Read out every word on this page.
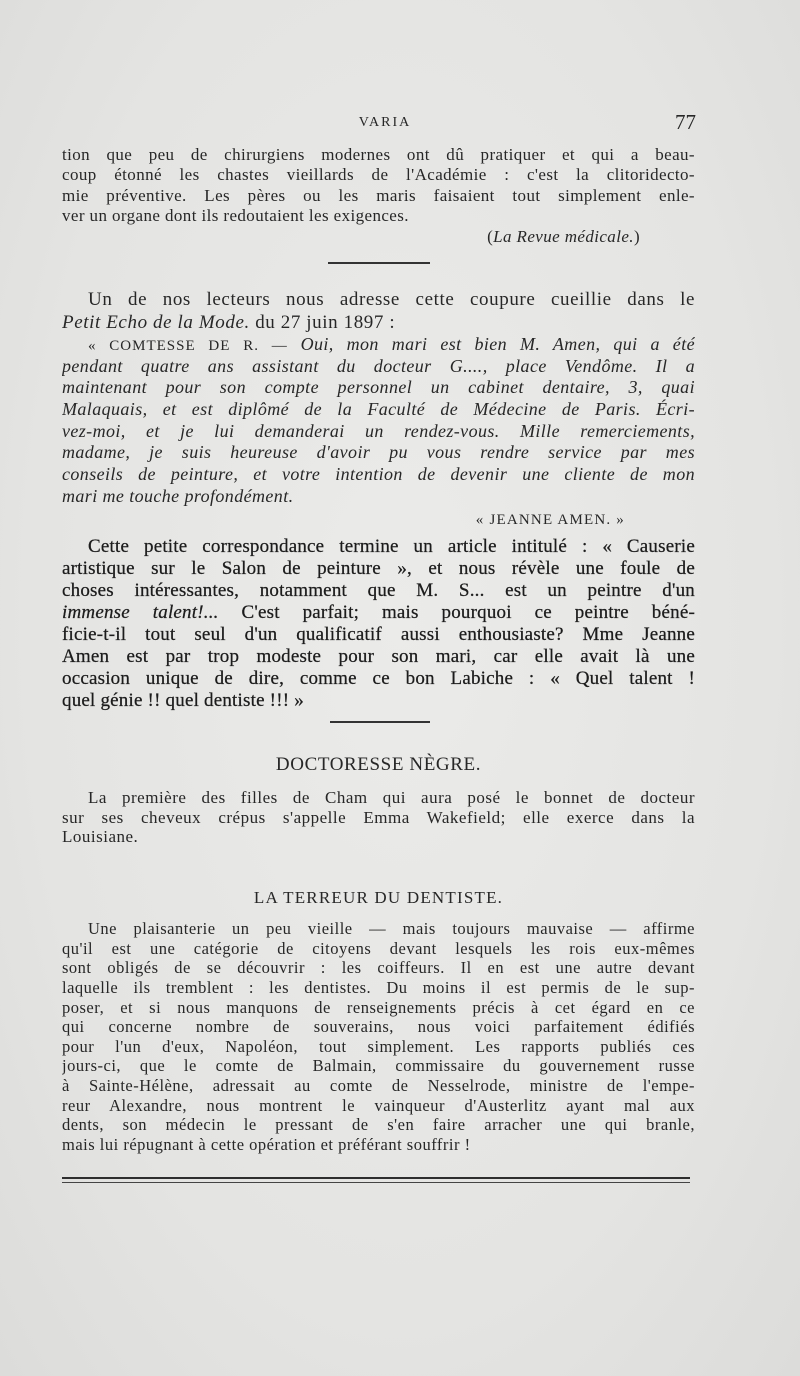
VARIA	77
tion que peu de chirurgiens modernes ont dû pratiquer et qui a beau-
coup étonné les chastes vieillards de l'Académie : c'est la clitoridecto-
mie préventive. Les pères ou les maris faisaient tout simplement enle-
ver un organe dont ils redoutaient les exigences.
(La Revue médicale.)
Un de nos lecteurs nous adresse cette coupure cueillie dans le
Petit Echo de la Mode. du 27 juin 1897 :
« COMTESSE DE R. — Oui, mon mari est bien M. Amen, qui a été
pendant quatre ans assistant du docteur G...., place Vendôme. Il a
maintenant pour son compte personnel un cabinet dentaire, 3, quai
Malaquais, et est diplômé de la Faculté de Médecine de Paris. Écri-
vez-moi, et je lui demanderai un rendez-vous. Mille remerciements,
madame, je suis heureuse d'avoir pu vous rendre service par mes
conseils de peinture, et votre intention de devenir une cliente de mon
mari me touche profondément.
« JEANNE AMEN. »
Cette petite correspondance termine un article intitulé : « Causerie
artistique sur le Salon de peinture », et nous révèle une foule de
choses intéressantes, notamment que M. S... est un peintre d'un
immense talent!... C'est parfait; mais pourquoi ce peintre béné-
ficie-t-il tout seul d'un qualificatif aussi enthousiaste? Mme Jeanne
Amen est par trop modeste pour son mari, car elle avait là une
occasion unique de dire, comme ce bon Labiche : « Quel talent !
quel génie !! quel dentiste !!! »
DOCTORESSE NÈGRE.
La première des filles de Cham qui aura posé le bonnet de docteur
sur ses cheveux crépus s'appelle Emma Wakefield; elle exerce dans la
Louisiane.
LA TERREUR DU DENTISTE.
Une plaisanterie un peu vieille — mais toujours mauvaise — affirme
qu'il est une catégorie de citoyens devant lesquels les rois eux-mêmes
sont obligés de se découvrir : les coiffeurs. Il en est une autre devant
laquelle ils tremblent : les dentistes. Du moins il est permis de le sup-
poser, et si nous manquons de renseignements précis à cet égard en ce
qui concerne nombre de souverains, nous voici parfaitement édifiés
pour l'un d'eux, Napoléon, tout simplement. Les rapports publiés ces
jours-ci, que le comte de Balmain, commissaire du gouvernement russe
à Sainte-Hélène, adressait au comte de Nesselrode, ministre de l'empe-
reur Alexandre, nous montrent le vainqueur d'Austerlitz ayant mal aux
dents, son médecin le pressant de s'en faire arracher une qui branle,
mais lui répugnant à cette opération et préférant souffrir !
